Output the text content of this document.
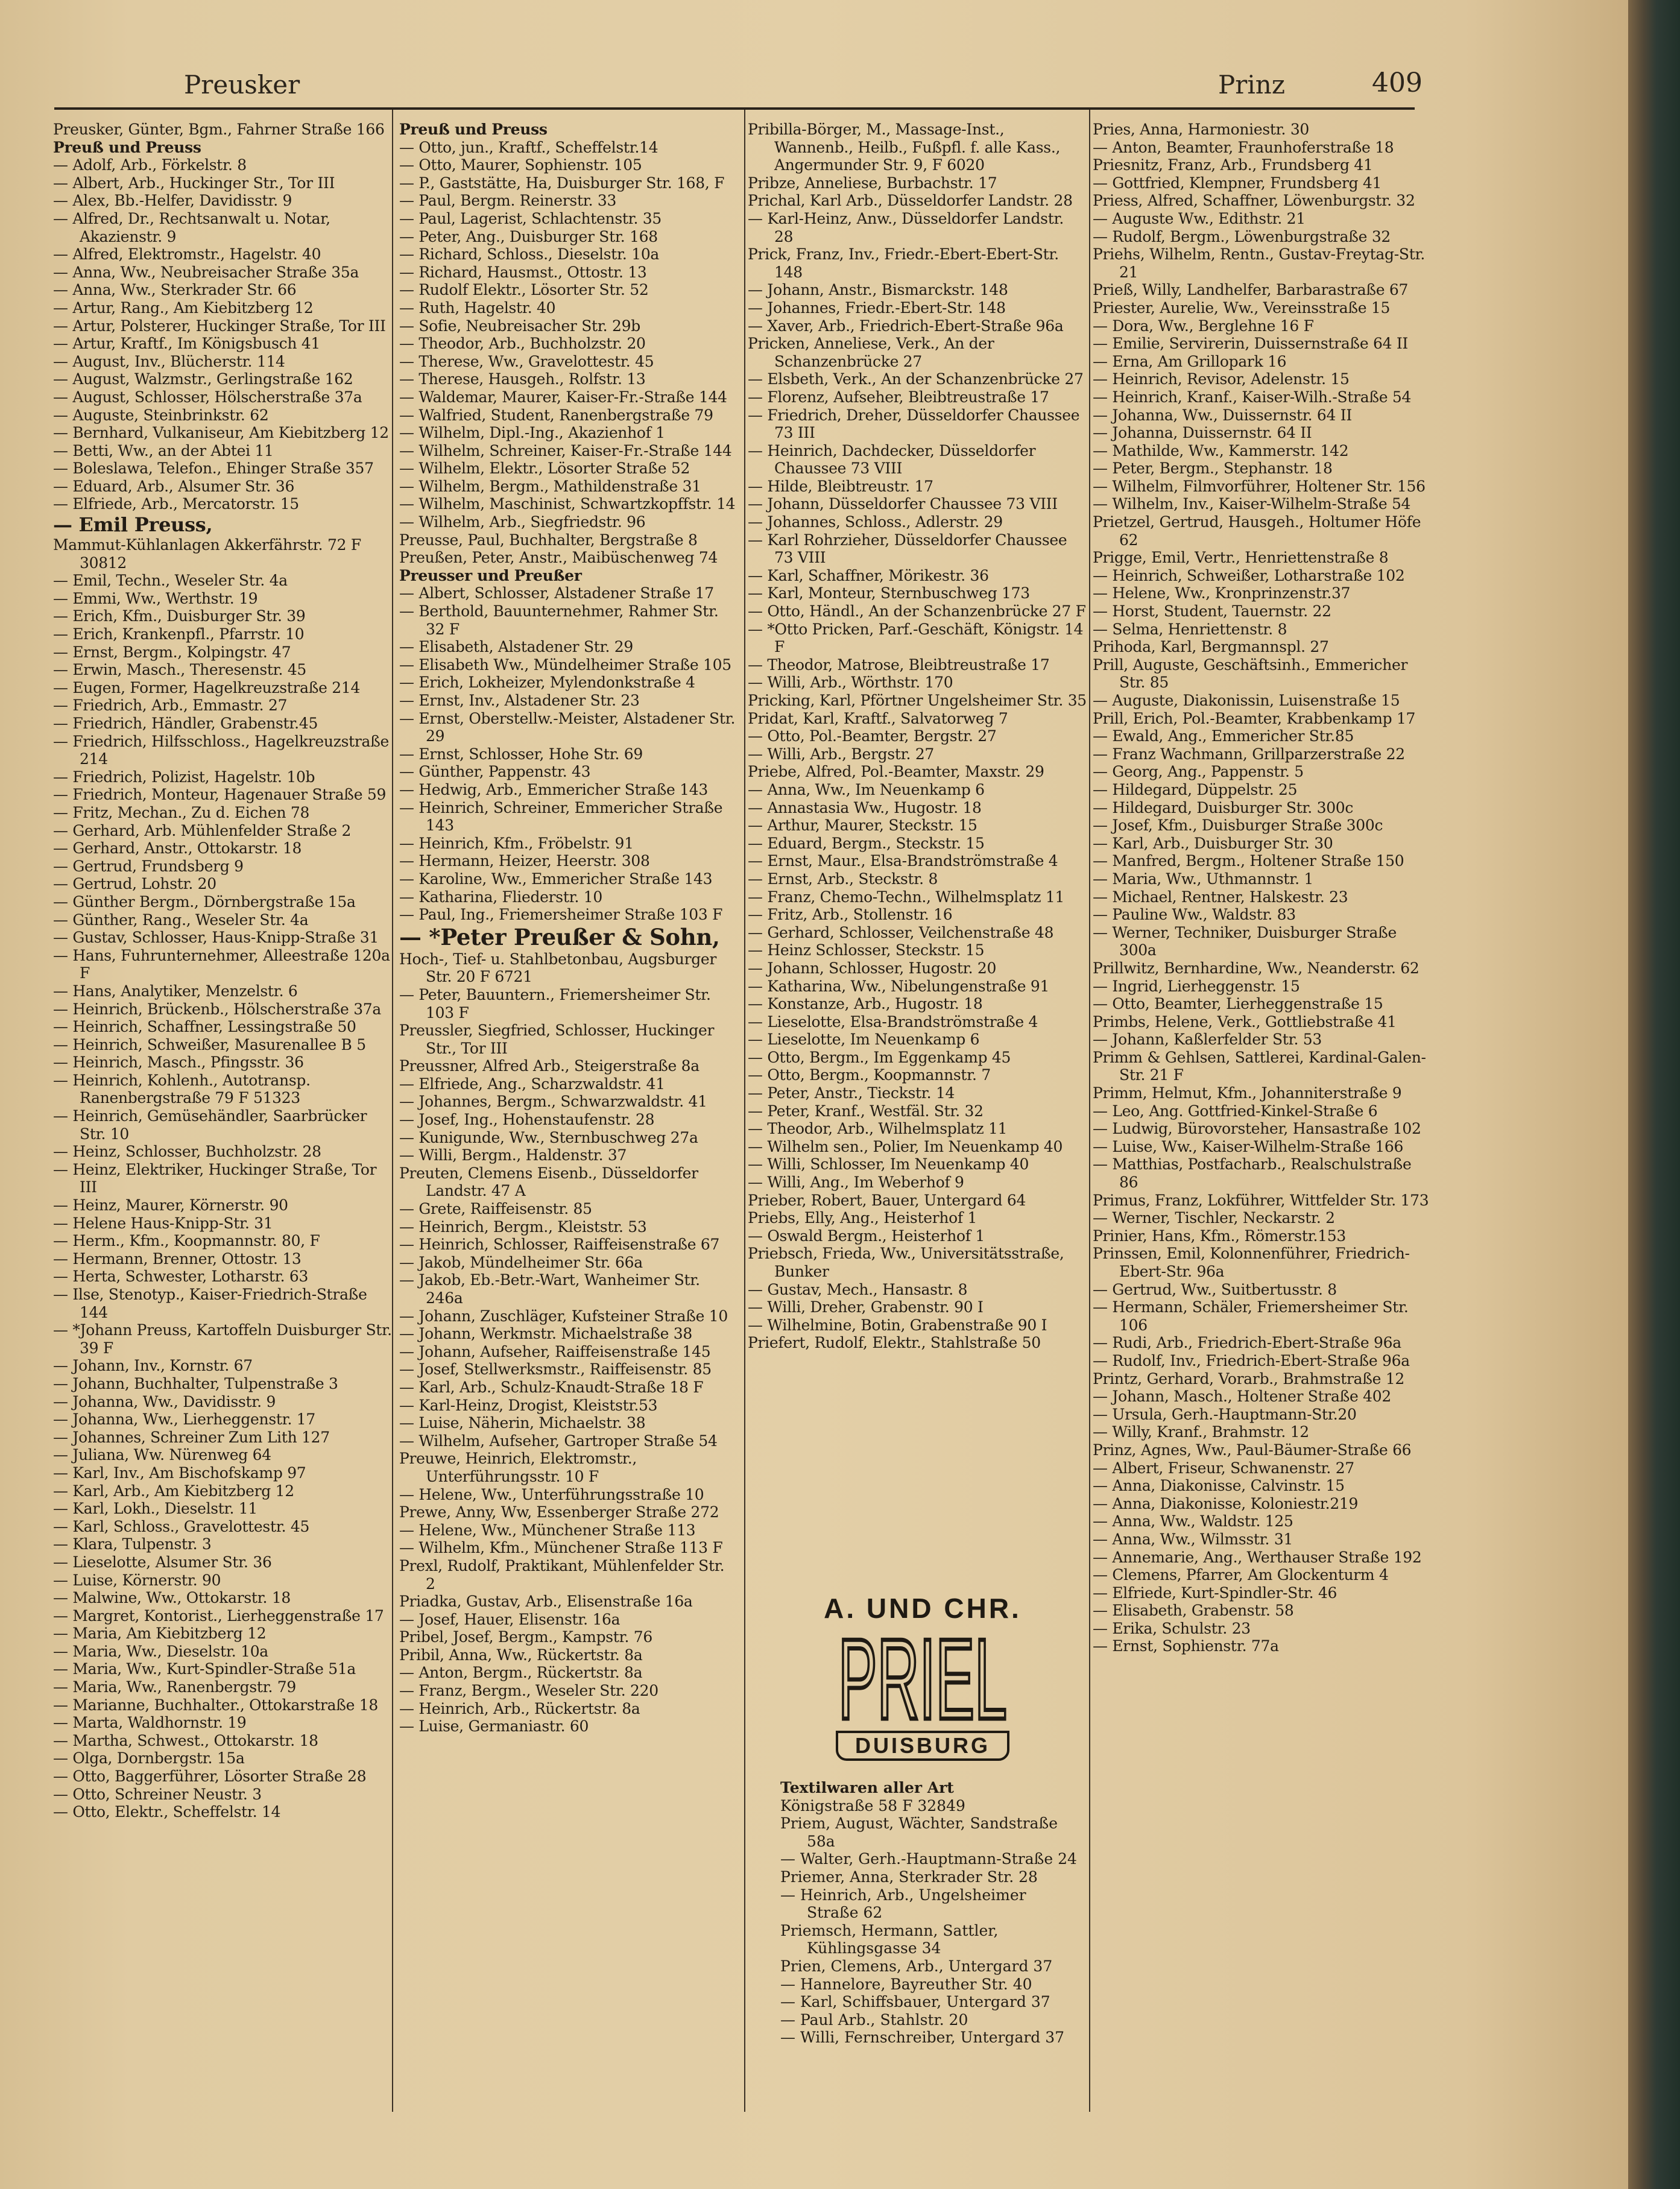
Preusker	Prinz	409

Preusker, Günter, Bgm., Fahrner Straße 166

Preuß und Preuss

— Adolf, Arb., Förkelstr. 8

— Albert, Arb., Huckinger Str., Tor III

— Alex, Bb.-Helfer, Davidisstr. 9

— Alfred, Dr., Rechtsanwalt u. Notar, Akazienstr. 9

— Alfred, Elektromstr., Hagelstr. 40

— Anna, Ww., Neubreisacher Straße 35a

— Anna, Ww., Sterkrader Str. 66

— Artur, Rang., Am Kiebitzberg 12

— Artur, Polsterer, Huckinger Straße, Tor III

— Artur, Kraftf., Im Königsbusch 41

— August, Inv., Blücherstr. 114

— August, Walzmstr., Gerlingstraße 162

— August, Schlosser, Hölscherstraße 37a

— Auguste, Steinbrinkstr. 62

— Bernhard, Vulkaniseur, Am Kiebitzberg 12

— Betti, Ww., an der Abtei 11

— Boleslawa, Telefon., Ehinger Straße 357

— Eduard, Arb., Alsumer Str. 36

— Elfriede, Arb., Mercatorstr. 15

— Emil Preuss,

Mammut-Kühlanlagen Akkerfährstr. 72 F 30812

— Emil, Techn., Weseler Str. 4a

— Emmi, Ww., Werthstr. 19

— Erich, Kfm., Duisburger Str. 39

— Erich, Krankenpfl., Pfarrstr. 10

— Ernst, Bergm., Kolpingstr. 47

— Erwin, Masch., Theresenstr. 45

— Eugen, Former, Hagelkreuzstraße 214

— Friedrich, Arb., Emmastr. 27

— Friedrich, Händler, Grabenstr.45

— Friedrich, Hilfsschloss., Hagelkreuzstraße 214

— Friedrich, Polizist, Hagelstr. 10b

— Friedrich, Monteur, Hagenauer Straße 59

— Fritz, Mechan., Zu d. Eichen 78

— Gerhard, Arb. Mühlenfelder Straße 2

— Gerhard, Anstr., Ottokarstr. 18

— Gertrud, Frundsberg 9

— Gertrud, Lohstr. 20

— Günther Bergm., Dörnbergstraße 15a

— Günther, Rang., Weseler Str. 4a

— Gustav, Schlosser, Haus-Knipp-Straße 31

— Hans, Fuhrunternehmer, Alleestraße 120a F

— Hans, Analytiker, Menzelstr. 6

— Heinrich, Brückenb., Hölscherstraße 37a

— Heinrich, Schaffner, Lessingstraße 50

— Heinrich, Schweißer, Masurenallee B 5

— Heinrich, Masch., Pfingsstr. 36

— Heinrich, Kohlenh., Autotransp. Ranenbergstraße 79 F 51323

— Heinrich, Gemüsehändler, Saarbrücker Str. 10

— Heinz, Schlosser, Buchholzstr. 28

— Heinz, Elektriker, Huckinger Straße, Tor III

— Heinz, Maurer, Körnerstr. 90

— Helene Haus-Knipp-Str. 31

— Herm., Kfm., Koopmannstr. 80, F

— Hermann, Brenner, Ottostr. 13

— Herta, Schwester, Lotharstr. 63

— Ilse, Stenotyp., Kaiser-Friedrich-Straße 144

— *Johann Preuss, Kartoffeln Duisburger Str. 39 F

— Johann, Inv., Kornstr. 67

— Johann, Buchhalter, Tulpenstraße 3

— Johanna, Ww., Davidisstr. 9

— Johanna, Ww., Lierheggenstr. 17

— Johannes, Schreiner Zum Lith 127

— Juliana, Ww. Nürenweg 64

— Karl, Inv., Am Bischofskamp 97

— Karl, Arb., Am Kiebitzberg 12

— Karl, Lokh., Dieselstr. 11

— Karl, Schloss., Gravelottestr. 45

— Klara, Tulpenstr. 3

— Lieselotte, Alsumer Str. 36

— Luise, Körnerstr. 90

— Malwine, Ww., Ottokarstr. 18

— Margret, Kontorist., Lierheggenstraße 17

— Maria, Am Kiebitzberg 12

— Maria, Ww., Dieselstr. 10a

— Maria, Ww., Kurt-Spindler-Straße 51a

— Maria, Ww., Ranenbergstr. 79

— Marianne, Buchhalter., Ottokarstraße 18

— Marta, Waldhornstr. 19

— Martha, Schwest., Ottokarstr. 18

— Olga, Dornbergstr. 15a

— Otto, Baggerführer, Lösorter Straße 28

— Otto, Schreiner Neustr. 3

— Otto, Elektr., Scheffelstr. 14

Preuß und Preuss

— Otto, jun., Kraftf., Scheffelstr.14

— Otto, Maurer, Sophienstr. 105

— P., Gaststätte, Ha, Duisburger Str. 168, F

— Paul, Bergm. Reinerstr. 33

— Paul, Lagerist, Schlachtenstr. 35

— Peter, Ang., Duisburger Str. 168

— Richard, Schloss., Dieselstr. 10a

— Richard, Hausmst., Ottostr. 13

— Rudolf Elektr., Lösorter Str. 52

— Ruth, Hagelstr. 40

— Sofie, Neubreisacher Str. 29b

— Theodor, Arb., Buchholzstr. 20

— Therese, Ww., Gravelottestr. 45

— Therese, Hausgeh., Rolfstr. 13

— Waldemar, Maurer, Kaiser-Fr.-Straße 144

— Walfried, Student, Ranenbergstraße 79

— Wilhelm, Dipl.-Ing., Akazienhof 1

— Wilhelm, Schreiner, Kaiser-Fr.-Straße 144

— Wilhelm, Elektr., Lösorter Straße 52

— Wilhelm, Bergm., Mathildenstraße 31

— Wilhelm, Maschinist, Schwartzkopffstr. 14

— Wilhelm, Arb., Siegfriedstr. 96

Preusse, Paul, Buchhalter, Bergstraße 8

Preußen, Peter, Anstr., Maibüschenweg 74

Preusser und Preußer

— Albert, Schlosser, Alstadener Straße 17

— Berthold, Bauunternehmer, Rahmer Str. 32 F

— Elisabeth, Alstadener Str. 29

— Elisabeth Ww., Mündelheimer Straße 105

— Erich, Lokheizer, Mylendonkstraße 4

— Ernst, Inv., Alstadener Str. 23

— Ernst, Oberstellw.-Meister, Alstadener Str. 29

— Ernst, Schlosser, Hohe Str. 69

— Günther, Pappenstr. 43

— Hedwig, Arb., Emmericher Straße 143

— Heinrich, Schreiner, Emmericher Straße 143

— Heinrich, Kfm., Fröbelstr. 91

— Hermann, Heizer, Heerstr. 308

— Karoline, Ww., Emmericher Straße 143

— Katharina, Fliederstr. 10

— Paul, Ing., Friemersheimer Straße 103 F

— *Peter Preußer & Sohn,

Hoch-, Tief- u. Stahlbetonbau, Augsburger Str. 20 F 6721

— Peter, Bauuntern., Friemersheimer Str. 103 F

Preussler, Siegfried, Schlosser, Huckinger Str., Tor III

Preussner, Alfred Arb., Steigerstraße 8a

— Elfriede, Ang., Scharzwaldstr. 41

— Johannes, Bergm., Schwarzwaldstr. 41

— Josef, Ing., Hohenstaufenstr. 28

— Kunigunde, Ww., Sternbuschweg 27a

— Willi, Bergm., Haldenstr. 37

Preuten, Clemens Eisenb., Düsseldorfer Landstr. 47 A

— Grete, Raiffeisenstr. 85

— Heinrich, Bergm., Kleiststr. 53

— Heinrich, Schlosser, Raiffeisenstraße 67

— Jakob, Mündelheimer Str. 66a

— Jakob, Eb.-Betr.-Wart, Wanheimer Str. 246a

— Johann, Zuschläger, Kufsteiner Straße 10

— Johann, Werkmstr. Michaelstraße 38

— Johann, Aufseher, Raiffeisenstraße 145

— Josef, Stellwerksmstr., Raiffeisenstr. 85

— Karl, Arb., Schulz-Knaudt-Straße 18 F

— Karl-Heinz, Drogist, Kleiststr.53

— Luise, Näherin, Michaelstr. 38

— Wilhelm, Aufseher, Gartroper Straße 54

Preuwe, Heinrich, Elektromstr., Unterführungsstr. 10 F

— Helene, Ww., Unterführungsstraße 10

Prewe, Anny, Ww, Essenberger Straße 272

— Helene, Ww., Münchener Straße 113

— Wilhelm, Kfm., Münchener Straße 113 F

Prexl, Rudolf, Praktikant, Mühlenfelder Str. 2

Priadka, Gustav, Arb., Elisenstraße 16a

— Josef, Hauer, Elisenstr. 16a

Pribel, Josef, Bergm., Kampstr. 76

Pribil, Anna, Ww., Rückertstr. 8a

— Anton, Bergm., Rückertstr. 8a

— Franz, Bergm., Weseler Str. 220

— Heinrich, Arb., Rückertstr. 8a

— Luise, Germaniastr. 60

Pribilla-Börger, M., Massage-Inst., Wannenb., Heilb., Fußpfl. f. alle Kass., Angermunder Str. 9, F 6020

Pribze, Anneliese, Burbachstr. 17

Prichal, Karl Arb., Düsseldorfer Landstr. 28

— Karl-Heinz, Anw., Düsseldorfer Landstr. 28

Prick, Franz, Inv., Friedr.-Ebert-Ebert-Str. 148

— Johann, Anstr., Bismarckstr. 148

— Johannes, Friedr.-Ebert-Str. 148

— Xaver, Arb., Friedrich-Ebert-Straße 96a

Pricken, Anneliese, Verk., An der Schanzenbrücke 27

— Elsbeth, Verk., An der Schanzenbrücke 27

— Florenz, Aufseher, Bleibtreustraße 17

— Friedrich, Dreher, Düsseldorfer Chaussee 73 III

— Heinrich, Dachdecker, Düsseldorfer Chaussee 73 VIII

— Hilde, Bleibtreustr. 17

— Johann, Düsseldorfer Chaussee 73 VIII

— Johannes, Schloss., Adlerstr. 29

— Karl Rohrzieher, Düsseldorfer Chaussee 73 VIII

— Karl, Schaffner, Mörikestr. 36

— Karl, Monteur, Sternbuschweg 173

— Otto, Händl., An der Schanzenbrücke 27 F

— *Otto Pricken, Parf.-Geschäft, Königstr. 14 F

— Theodor, Matrose, Bleibtreustraße 17

— Willi, Arb., Wörthstr. 170

Pricking, Karl, Pförtner Ungelsheimer Str. 35

Pridat, Karl, Kraftf., Salvatorweg 7

— Otto, Pol.-Beamter, Bergstr. 27

— Willi, Arb., Bergstr. 27

Priebe, Alfred, Pol.-Beamter, Maxstr. 29

— Anna, Ww., Im Neuenkamp 6

— Annastasia Ww., Hugostr. 18

— Arthur, Maurer, Steckstr. 15

— Eduard, Bergm., Steckstr. 15

— Ernst, Maur., Elsa-Brandströmstraße 4

— Ernst, Arb., Steckstr. 8

— Franz, Chemo-Techn., Wilhelmsplatz 11

— Fritz, Arb., Stollenstr. 16

— Gerhard, Schlosser, Veilchenstraße 48

— Heinz Schlosser, Steckstr. 15

— Johann, Schlosser, Hugostr. 20

— Katharina, Ww., Nibelungenstraße 91

— Konstanze, Arb., Hugostr. 18

— Lieselotte, Elsa-Brandströmstraße 4

— Lieselotte, Im Neuenkamp 6

— Otto, Bergm., Im Eggenkamp 45

— Otto, Bergm., Koopmannstr. 7

— Peter, Anstr., Tieckstr. 14

— Peter, Kranf., Westfäl. Str. 32

— Theodor, Arb., Wilhelmsplatz 11

— Wilhelm sen., Polier, Im Neuenkamp 40

— Willi, Schlosser, Im Neuenkamp 40

— Willi, Ang., Im Weberhof 9

Prieber, Robert, Bauer, Untergard 64

Priebs, Elly, Ang., Heisterhof 1

— Oswald Bergm., Heisterhof 1

Priebsch, Frieda, Ww., Universitätsstraße, Bunker

— Gustav, Mech., Hansastr. 8

— Willi, Dreher, Grabenstr. 90 I

— Wilhelmine, Botin, Grabenstraße 90 I

Priefert, Rudolf, Elektr., Stahlstraße 50

Pries, Anna, Harmoniestr. 30

— Anton, Beamter, Fraunhoferstraße 18

Priesnitz, Franz, Arb., Frundsberg 41

— Gottfried, Klempner, Frundsberg 41

Priess, Alfred, Schaffner, Löwenburgstr. 32

— Auguste Ww., Edithstr. 21

— Rudolf, Bergm., Löwenburgstraße 32

Priehs, Wilhelm, Rentn., Gustav-Freytag-Str. 21

Prieß, Willy, Landhelfer, Barbarastraße 67

Priester, Aurelie, Ww., Vereinsstraße 15

— Dora, Ww., Berglehne 16 F

— Emilie, Servirerin, Duissernstraße 64 II

— Erna, Am Grillopark 16

— Heinrich, Revisor, Adelenstr. 15

— Heinrich, Kranf., Kaiser-Wilh.-Straße 54

— Johanna, Ww., Duissernstr. 64 II

— Johanna, Duissernstr. 64 II

— Mathilde, Ww., Kammerstr. 142

— Peter, Bergm., Stephanstr. 18

— Wilhelm, Filmvorführer, Holtener Str. 156

— Wilhelm, Inv., Kaiser-Wilhelm-Straße 54

Prietzel, Gertrud, Hausgeh., Holtumer Höfe 62

Prigge, Emil, Vertr., Henriettenstraße 8

— Heinrich, Schweißer, Lotharstraße 102

— Helene, Ww., Kronprinzenstr.37

— Horst, Student, Tauernstr. 22

— Selma, Henriettenstr. 8

Prihoda, Karl, Bergmannspl. 27

Prill, Auguste, Geschäftsinh., Emmericher Str. 85

— Auguste, Diakonissin, Luisenstraße 15

Prill, Erich, Pol.-Beamter, Krabbenkamp 17

— Ewald, Ang., Emmericher Str.85

— Franz Wachmann, Grillparzerstraße 22

— Georg, Ang., Pappenstr. 5

— Hildegard, Düppelstr. 25

— Hildegard, Duisburger Str. 300c

— Josef, Kfm., Duisburger Straße 300c

— Karl, Arb., Duisburger Str. 30

— Manfred, Bergm., Holtener Straße 150

— Maria, Ww., Uthmannstr. 1

— Michael, Rentner, Halskestr. 23

— Pauline Ww., Waldstr. 83

— Werner, Techniker, Duisburger Straße 300a

Prillwitz, Bernhardine, Ww., Neanderstr. 62

— Ingrid, Lierheggenstr. 15

— Otto, Beamter, Lierheggenstraße 15

Primbs, Helene, Verk., Gottliebstraße 41

— Johann, Kaßlerfelder Str. 53

Primm & Gehlsen, Sattlerei, Kardinal-Galen-Str. 21 F

Primm, Helmut, Kfm., Johanniterstraße 9

— Leo, Ang. Gottfried-Kinkel-Straße 6

— Ludwig, Bürovorsteher, Hansastraße 102

— Luise, Ww., Kaiser-Wilhelm-Straße 166

— Matthias, Postfacharb., Realschulstraße 86

Primus, Franz, Lokführer, Wittfelder Str. 173

— Werner, Tischler, Neckarstr. 2

Prinier, Hans, Kfm., Römerstr.153

Prinssen, Emil, Kolonnenführer, Friedrich-Ebert-Str. 96a

— Gertrud, Ww., Suitbertusstr. 8

— Hermann, Schäler, Friemersheimer Str. 106

— Rudi, Arb., Friedrich-Ebert-Straße 96a

— Rudolf, Inv., Friedrich-Ebert-Straße 96a

Printz, Gerhard, Vorarb., Brahmstraße 12

— Johann, Masch., Holtener Straße 402

— Ursula, Gerh.-Hauptmann-Str.20

— Willy, Kranf., Brahmstr. 12

Prinz, Agnes, Ww., Paul-Bäumer-Straße 66

— Albert, Friseur, Schwanenstr. 27

— Anna, Diakonisse, Calvinstr. 15

— Anna, Diakonisse, Koloniestr.219

— Anna, Ww., Waldstr. 125

— Anna, Ww., Wilmsstr. 31

— Annemarie, Ang., Werthauser Straße 192

— Clemens, Pfarrer, Am Glockenturm 4

— Elfriede, Kurt-Spindler-Str. 46

— Elisabeth, Grabenstr. 58

— Erika, Schulstr. 23

— Ernst, Sophienstr. 77a

A. UND CHR.
PRIEL
DUISBURG

Textilwaren aller Art

Königstraße 58 F 32849

Priem, August, Wächter, Sandstraße 58a

— Walter, Gerh.-Hauptmann-Straße 24

Priemer, Anna, Sterkrader Str. 28

— Heinrich, Arb., Ungelsheimer Straße 62

Priemsch, Hermann, Sattler, Kühlingsgasse 34

Prien, Clemens, Arb., Untergard 37

— Hannelore, Bayreuther Str. 40

— Karl, Schiffsbauer, Untergard 37

— Paul Arb., Stahlstr. 20

— Willi, Fernschreiber, Untergard 37
